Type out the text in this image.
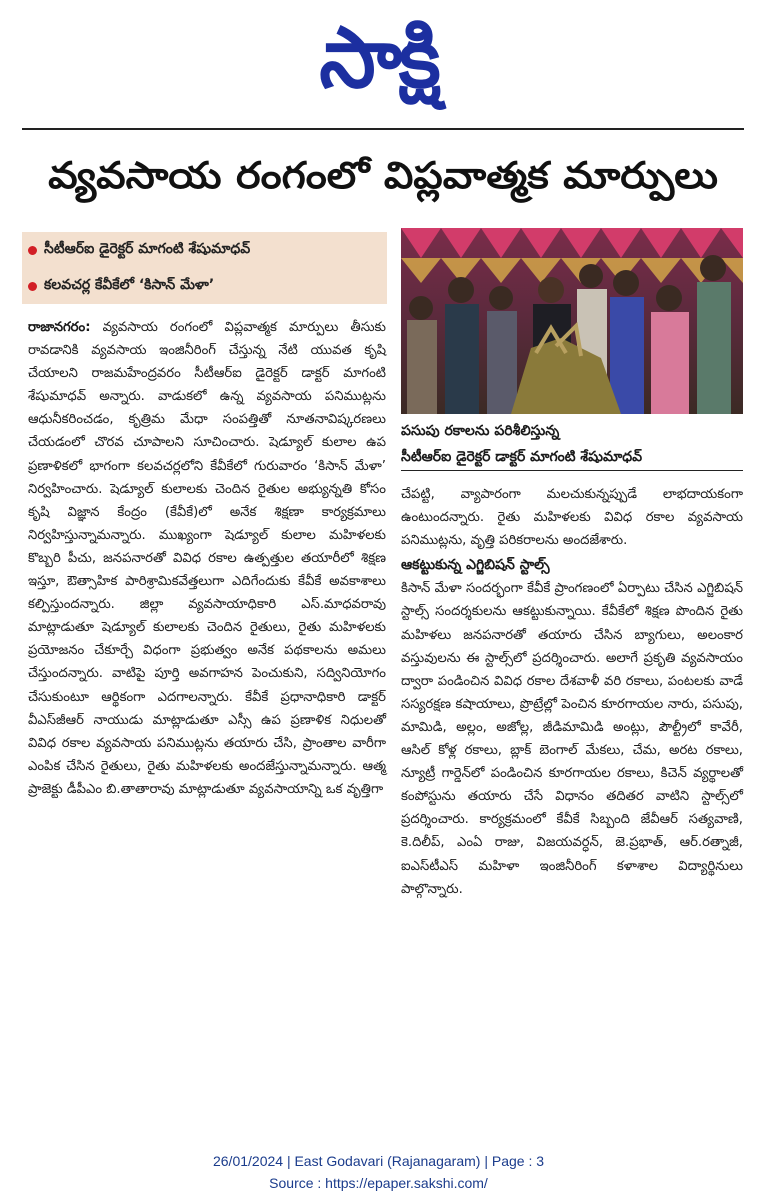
సాక్షి
వ్యవసాయ రంగంలో విప్లవాత్మక మార్పులు
సీటీఆర్‌ఐ డైరెక్టర్‌ మాగంటి శేషుమాధవ్‌
కలవచర్ల కేవీకేలో ‘కిసాన్‌ మేళా’
పసుపు రకాలను పరిశీలిస్తున్న
సీటీఆర్‌ఐ డైరెక్టర్‌ డాక్టర్‌ మాగంటి శేషుమాధవ్‌

రాజానగరం: వ్యవసాయ రంగంలో విప్లవాత్మక మార్పులు తీసుకు రావడానికి వ్యవసాయ ఇంజినీరింగ్‌ చేస్తున్న నేటి యువత కృషి చేయాలని రాజమహేంద్రవరం సీటీఆర్‌ఐ డైరెక్టర్‌ డాక్టర్‌ మాగంటి శేషుమాధవ్‌ అన్నారు. వాడుకలో ఉన్న వ్యవసాయ పనిముట్లను ఆధునీకరించడం, కృత్రిమ మేధా సంపత్తితో నూతనావిష్కరణలు చేయడంలో చొరవ చూపాలని సూచించారు. షెడ్యూల్‌ కులాల ఉప ప్రణాళికలో భాగంగా కలవచర్లలోని కేవీకేలో గురువారం ‘కిసాన్‌ మేళా’ నిర్వహించారు. షెడ్యూల్‌ కులాలకు చెందిన రైతుల అభ్యున్నతి కోసం కృషి విజ్ఞాన కేంద్రం (కేవీకే)లో అనేక శిక్షణా కార్యక్రమాలు నిర్వహిస్తున్నామన్నారు. ముఖ్యంగా షెడ్యూల్‌ కులాల మహిళలకు కొబ్బరి పీచు, జనపనారతో వివిధ రకాల ఉత్పత్తుల తయారీలో శిక్షణ ఇస్తూ, ఔత్సాహిక పారిశ్రామికవేత్తలుగా ఎదిగేందుకు కేవీకే అవకాశాలు కల్పిస్తుందన్నారు. జిల్లా వ్యవసాయాధికారి ఎస్‌.మాధవరావు మాట్లాడుతూ షెడ్యూల్‌ కులాలకు చెందిన రైతులు, రైతు మహిళలకు ప్రయోజనం చేకూర్చే విధంగా ప్రభుత్వం అనేక పథకాలను అమలు చేస్తుందన్నారు. వాటిపై పూర్తి అవగాహన పెంచుకుని, సద్వినియోగం చేసుకుంటూ ఆర్థికంగా ఎదగాలన్నారు. కేవీకే ప్రధానాధికారి డాక్టర్‌ వీఎస్‌జీఆర్‌ నాయుడు మాట్లాడుతూ ఎస్సీ ఉప ప్రణాళిక నిధులతో వివిధ రకాల వ్యవసాయ పనిముట్లను తయారు చేసి, ప్రాంతాల వారీగా ఎంపిక చేసిన రైతులు, రైతు మహిళలకు అందజేస్తున్నామన్నారు. ఆత్మ ప్రాజెక్టు డీపీఎం బి.తాతారావు మాట్లాడుతూ వ్యవసాయాన్ని ఒక వృత్తిగా

చేపట్టి, వ్యాపారంగా మలచుకున్నప్పుడే లాభదాయకంగా ఉంటుందన్నారు. రైతు మహిళలకు వివిధ రకాల వ్యవసాయ పనిముట్లను, వృత్తి పరికరాలను అందజేశారు.

ఆకట్టుకున్న ఎగ్జిబిషన్‌ స్టాల్స్‌

కిసాన్‌ మేళా సందర్భంగా కేవీకే ప్రాంగణంలో ఏర్పాటు చేసిన ఎగ్జిబిషన్‌ స్టాల్స్‌ సందర్శకులను ఆకట్టుకున్నాయి. కేవీకేలో శిక్షణ పొందిన రైతు మహిళలు జనపనారతో తయారు చేసిన బ్యాగులు, అలంకార వస్తువులను ఈ స్టాల్స్‌లో ప్రదర్శించారు. అలాగే ప్రకృతి వ్యవసాయం ద్వారా పండించిన వివిధ రకాల దేశవాళీ వరి రకాలు, పంటలకు వాడే సస్యరక్షణ కషాయాలు, ప్రొట్రేల్లో పెంచిన కూరగాయల నారు, పసుపు, మామిడి, అల్లం, అజోల్ల, జీడిమామిడి అంట్లు, పౌల్ట్రీలో కావేరీ, ఆసిల్‌ కోళ్ల రకాలు, బ్లాక్‌ బెంగాల్‌ మేకలు, చేమ, అరట రకాలు, న్యూట్రీ గార్డెన్‌లో పండించిన కూరగాయల రకాలు, కిచెన్‌ వ్యర్థాలతో కంపోస్టును తయారు చేసే విధానం తదితర వాటిని స్టాల్స్‌లో ప్రదర్శించారు. కార్యక్రమంలో కేవీకే సిబ్బంది జేవీఆర్‌ సత్యవాణి, కె.దిలీప్‌, ఎంఏ రాజు, విజయవర్ధన్‌, జె.ప్రభాత్‌, ఆర్‌.రత్నాజీ, ఐఎస్‌టీఎస్‌ మహిళా ఇంజినీరింగ్‌ కళాశాల విద్యార్థినులు పాల్గొన్నారు.

26/01/2024 | East Godavari (Rajanagaram) | Page : 3
Source : https://epaper.sakshi.com/
